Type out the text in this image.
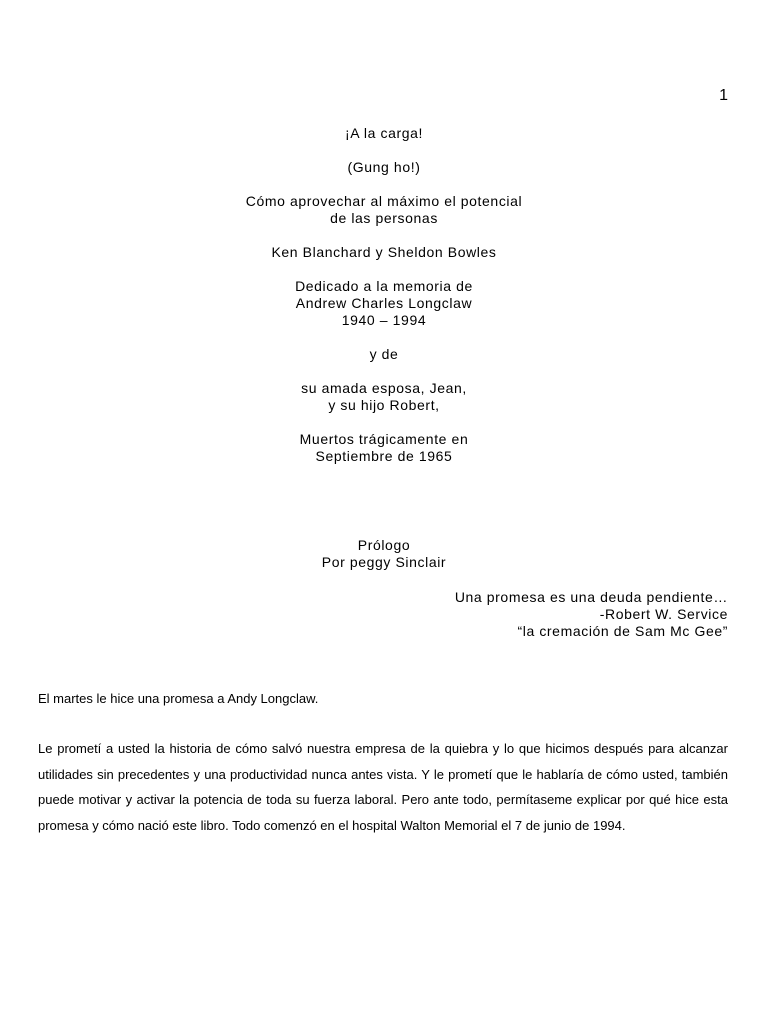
1
¡A la carga!
(Gung ho!)
Cómo aprovechar al máximo el potencial
de las personas
Ken Blanchard y Sheldon Bowles
Dedicado a la memoria de
Andrew Charles Longclaw
1940 – 1994
y de
su amada esposa, Jean,
y su hijo Robert,
Muertos trágicamente en
Septiembre de 1965
Prólogo
Por peggy Sinclair
Una promesa es una deuda pendiente…
-Robert W. Service
“la cremación de Sam Mc Gee”

El martes le hice una promesa a Andy Longclaw.

Le prometí a usted la historia de cómo salvó nuestra empresa de la quiebra y lo que hicimos después para alcanzar utilidades sin precedentes y una productividad nunca antes vista. Y le prometí que le hablaría de cómo usted, también puede motivar y activar la potencia de toda su fuerza laboral. Pero ante todo, permítaseme explicar por qué hice esta promesa y cómo nació este libro. Todo comenzó en el hospital Walton Memorial el 7 de junio de 1994.
